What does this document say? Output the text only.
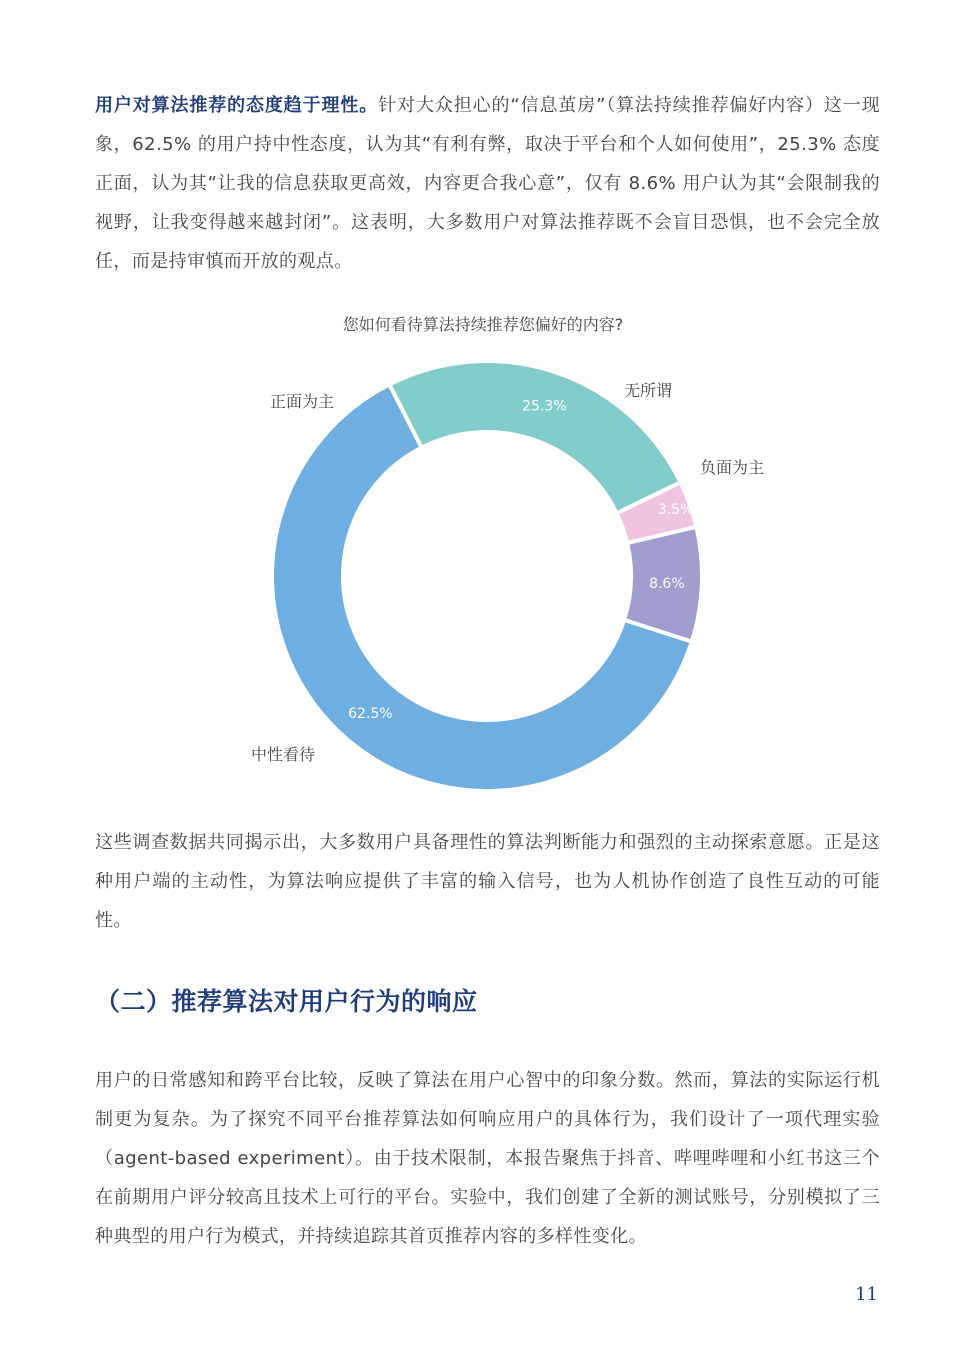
用户对算法推荐的态度趋于理性。针对大众担心的“信息茧房”（算法持续推荐偏好内容）这一现象，62.5% 的用户持中性态度，认为其“有利有弊，取决于平台和个人如何使用”，25.3% 态度正面，认为其“让我的信息获取更高效，内容更合我心意”，仅有 8.6% 用户认为其“会限制我的视野，让我变得越来越封闭”。这表明，大多数用户对算法推荐既不会盲目恐惧，也不会完全放任，而是持审慎而开放的观点。

您如何看待算法持续推荐您偏好的内容?

25.3%
正面为主
3.5%
无所谓
8.6%
负面为主
62.5%
中性看待

这些调查数据共同揭示出，大多数用户具备理性的算法判断能力和强烈的主动探索意愿。正是这种用户端的主动性，为算法响应提供了丰富的输入信号，也为人机协作创造了良性互动的可能性。

（二）推荐算法对用户行为的响应

用户的日常感知和跨平台比较，反映了算法在用户心智中的印象分数。然而，算法的实际运行机制更为复杂。为了探究不同平台推荐算法如何响应用户的具体行为，我们设计了一项代理实验（agent-based experiment）。由于技术限制，本报告聚焦于抖音、哔哩哔哩和小红书这三个在前期用户评分较高且技术上可行的平台。实验中，我们创建了全新的测试账号，分别模拟了三种典型的用户行为模式，并持续追踪其首页推荐内容的多样性变化。

11
